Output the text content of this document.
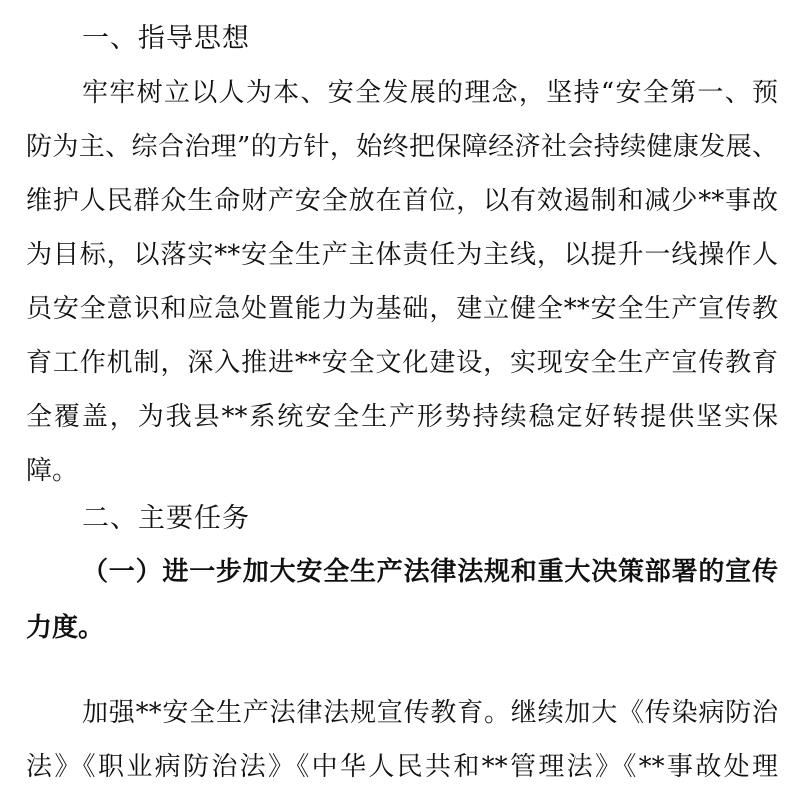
一、指导思想
牢牢树立以人为本、安全发展的理念，坚持“安全第一、预
防为主、综合治理”的方针，始终把保障经济社会持续健康发展、
维护人民群众生命财产安全放在首位，以有效遏制和减少**事故
为目标，以落实**安全生产主体责任为主线，以提升一线操作人
员安全意识和应急处置能力为基础，建立健全**安全生产宣传教
育工作机制，深入推进**安全文化建设，实现安全生产宣传教育
全覆盖，为我县**系统安全生产形势持续稳定好转提供坚实保
障。
二、主要任务
（一）进一步加大安全生产法律法规和重大决策部署的宣传
力度。
加强**安全生产法律法规宣传教育。继续加大《传染病防治
法》《职业病防治法》《中华人民共和**管理法》《**事故处理
